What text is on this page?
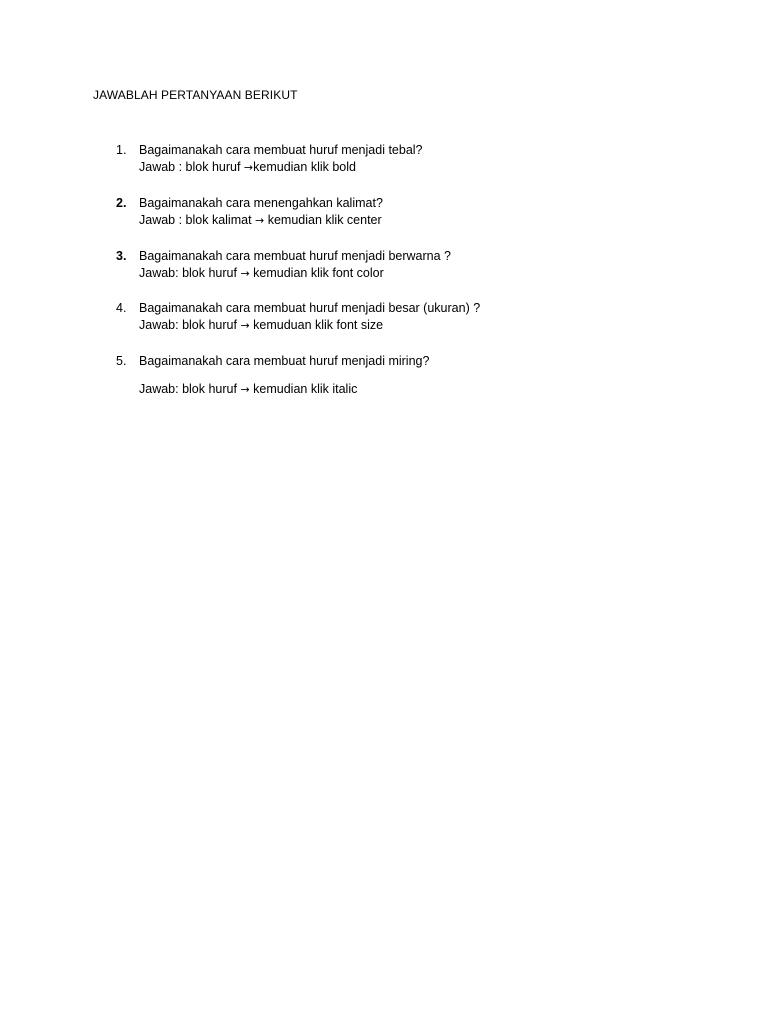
JAWABLAH PERTANYAAN BERIKUT
1.	Bagaimanakah cara membuat huruf menjadi tebal?
Jawab : blok huruf →kemudian klik bold
2.	Bagaimanakah cara menengahkan kalimat?
Jawab : blok kalimat → kemudian klik center
3.	Bagaimanakah cara membuat huruf menjadi berwarna ?
Jawab: blok huruf → kemudian klik font color
4.	Bagaimanakah cara membuat huruf menjadi besar (ukuran) ?
Jawab: blok huruf → kemuduan klik font size
5.	Bagaimanakah cara membuat huruf menjadi miring?
Jawab: blok huruf → kemudian klik italic
